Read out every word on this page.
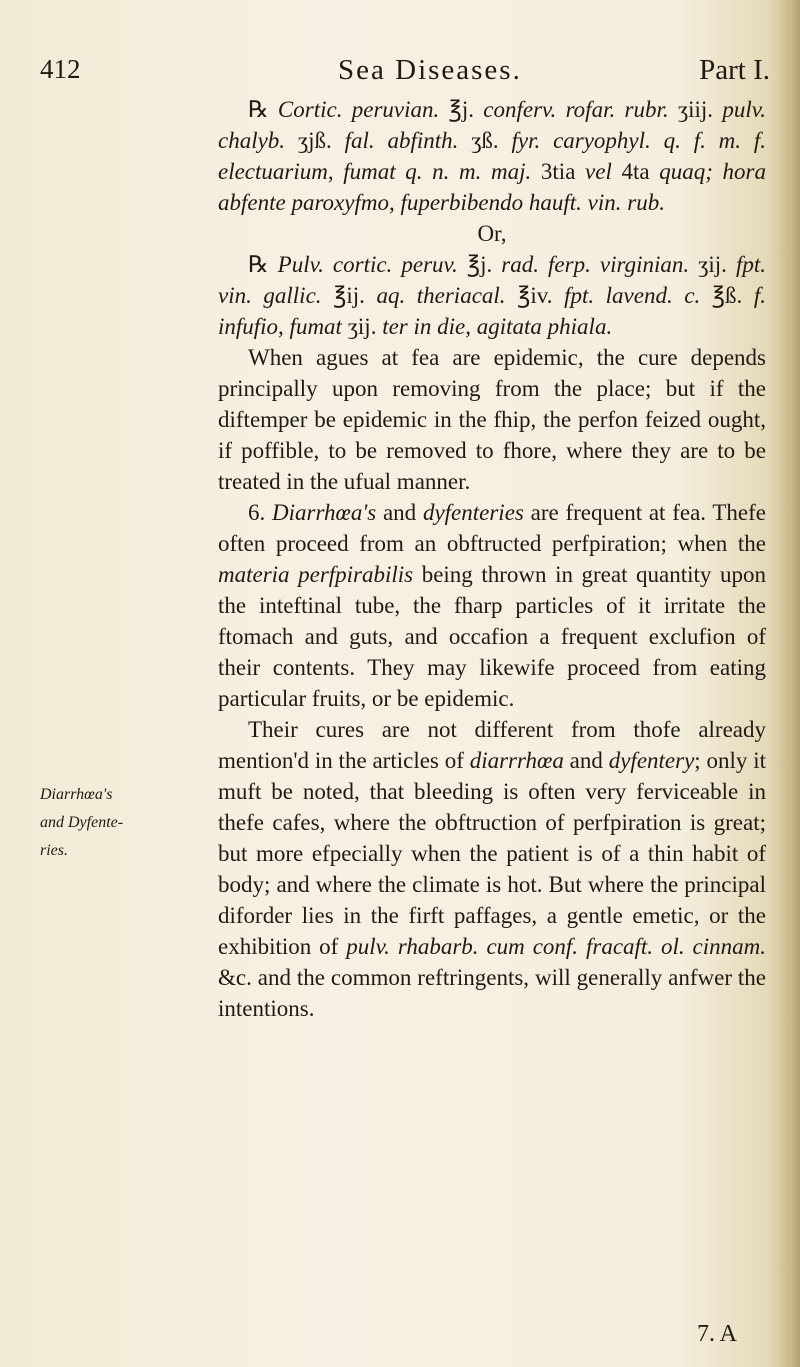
412	Sea Diseases.	Part I.
Diarrhœa's
and Dyfente-
ries.

℞ Cortic. peruvian. ℥j. conferv. rofar. rubr. ʒiij. pulv. chalyb. ʒjß. fal. abfinth. ʒß. fyr. caryophyl. q. f. m. f. electuarium, fumat q. n. m. maj. 3tia vel 4ta quaq; hora abfente paroxyfmo, fuperbibendo hauft. vin. rub.

Or,

℞ Pulv. cortic. peruv. ℥j. rad. ferp. virginian. ʒij. fpt. vin. gallic. ℥ij. aq. theriacal. ℥iv. fpt. lavend. c. ℥ß. f. infufio, fumat ʒij. ter in die, agitata phiala.

When agues at fea are epidemic, the cure depends principally upon removing from the place; but if the diftemper be epidemic in the fhip, the perfon feized ought, if poffible, to be removed to fhore, where they are to be treated in the ufual manner.

6. Diarrhœa's and dyfenteries are frequent at fea. Thefe often proceed from an obftructed perfpiration; when the materia perfpirabilis being thrown in great quantity upon the inteftinal tube, the fharp particles of it irritate the ftomach and guts, and occafion a frequent exclufion of their contents. They may likewife proceed from eating particular fruits, or be epidemic.

Their cures are not different from thofe already mention'd in the articles of diarrrhœa and dyfentery; only it muft be noted, that bleeding is often very ferviceable in thefe cafes, where the obftruction of perfpiration is great; but more efpecially when the patient is of a thin habit of body; and where the climate is hot. But where the principal diforder lies in the firft paffages, a gentle emetic, or the exhibition of pulv. rhabarb. cum conf. fracaft. ol. cinnam. &c. and the common reftringents, will generally anfwer the intentions.

7. A
